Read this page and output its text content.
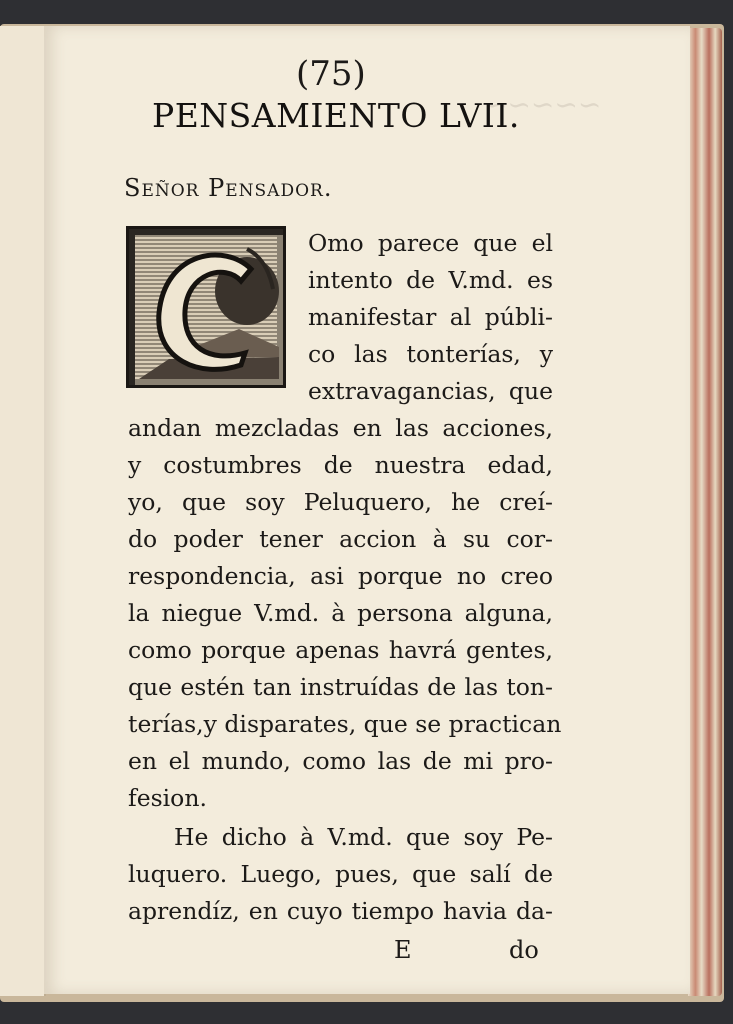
~~~~~
(75)
PENSAMIENTO LVII.
Señor Pensador.
Omo parece que el
intento de V.md. es
manifestar al públi-
co las tonterías, y
extravagancias, que
andan mezcladas en las acciones,
y costumbres de nuestra edad,
yo, que soy Peluquero, he creí-
do poder tener accion à su cor-
respondencia, asi porque no creo
la niegue V.md. à persona alguna,
como porque apenas havrá gentes,
que estén tan instruídas de las ton-
terías,y disparates, que se practican
en el mundo, como las de mi pro-
fesion.
He dicho à V.md. que soy Pe-
luquero. Luego, pues, que salí de
aprendíz, en cuyo tiempo havia da-
E	do
